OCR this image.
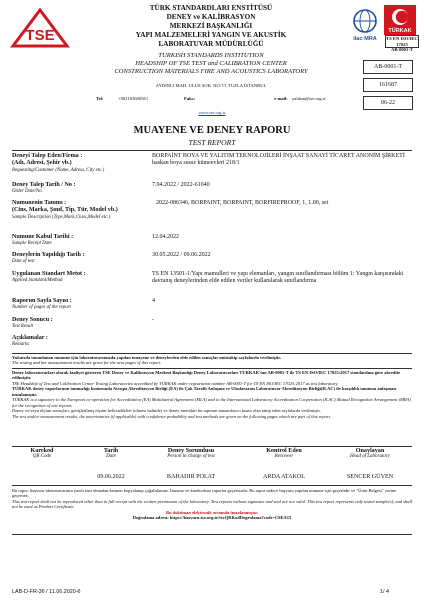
TSE
TÜRK STANDARDLARI ENSTİTÜSÜ
DENEY ve KALİBRASYON
MERKEZİ BAŞKANLIĞI
YAPI MALZEMELERİ YANGIN VE AKUSTİK
LABORATUVAR MÜDÜRLÜĞÜ
TURKISH STANDARDS INSTITUTION
HEADSHIP OF TSE TEST and CALIBRATION CENTER
CONSTRUCTION MATERIALS FIRE AND ACOUSTICS LABORATORY
AYDINLI MAH. ULUS SOK. NO:7/1 TUZLA İSTANBUL
Tel:	+902165600561	Faks:	e-mail: yalitim@tse.org.tr
www.tse.org.tr
ilac·MRA
TÜRKAK
TS EN ISO/IEC 17025
AB-0001-T
AB-0001-T
161687
06-22
MUAYENE VE DENEY RAPORU
TEST REPORT
Deneyi Talep Eden/Firma :
(Adı, Adresi, Şehir vb.)
Requesting/Customer (Name, Adress, City etc.)
BORPAİNT BOYA VE YALITIM TEKNOLOJİLERİ İNŞAAT SANAYİ TİCARET ANONİM ŞİRKETİ
haskan boya sussz kümeevleri 218/1
Deney Talep Tarih / No :
Order Date/No.
7.04.2022 / 2022-61040
Numunenin Tanımı :
(Cins, Marka, Şınıf, Tip, Tür, Model vb.)
Sample Description (Type,Mark,Class,Model etc.)
2022-086346, BORPAINT, BORPAINT, BORFIREPROOF, 1, 1.00, set
Numune Kabul Tarihi :
Sample Recept Date
12.04.2022
Deneylerin Yapıldığı Tarih :
Date of test
30.05.2022 / 09.06.2022
Uygulanan Standart Metot :
Applied Standard/Method
TS EN 13501-1/Yapı mamulleri ve yapı elemanları, yangın sınıflandırması bölüm 1: Yangın karşısındaki davranış deneylerinden elde edilen veriler kullanılarak sınıflandırma
Raporun Sayfa Sayısı :
Number of pages of the report
4
Deney Sonucu :
Test Result
-
Açıklamalar :
Remarks
Yukarıda tanımlanan numune için laboratuvarımızda yapılan muayene ve deneylerden elde edilen sonuçlar müteakip sayfalarda verilmiştir.
The testing and her measurement results are given for the next pages of this report.
Deney laboratuvarları olarak faaliyet gösteren TSE Deney ve Kalibrasyon Merkezi Başkanlığı Deney Laboratuvarları TÜRKAK'tan AB-0001-T ile TS EN ISO/IEC 17025:2017 standardına göre akredite edilmiştir.
TSE Headship of Test and Calibration Center Testing Laboratories accredited by TÜRKAK under registration number AB-0001-T for TS EN ISO/IEC 17025:2017 as test laboratory.
TÜRKAK deney raporlarının tanınırlığı konusunda Avrupa Akreditasyon Birliği (EA) ile Çok Taraflı Anlaşma ve Uluslararası Laboratuvar Akreditasyon Birliği(ILAC) ile karşılıklı tanınma anlaşması imzalamıştır.
TÜRKAK is a signatory to the European co-operation for Accreditation (EA) Multilateral Agreement (MLA) and to the International Laboratory Accreditation Cooperation (ILAC) Mutual Recognition Arrangement (MRA) for the recognition of test reports.
Deney ve/veya ölçüm sonuçları, genişletilmiş ölçüm belirsizlikleri (olması halinde) ve deney metotları bu raporun tamamlayıcı kısmı olan takip eden sayfalarda verilmiştir.
The test and/or measurement results, the uncertainties (if applicable) with confidence probability and test methods are given on the following pages which are part of this report.
Karekod
QR Code
Tarih
Date
Deney Sorumlusu
Person in charge of test
Kontrol Eden
Reviewer
Onaylayan
Head of Laboratory
09.06.2022	BAHADIR POLAT	ARDA ATAKOL	SENCER GÜVEN
Bu rapor, başvuru laboratuvarının yazılı izni olmadan kısmen kopyalanıp çoğaltılamaz. İmzasız ve karekodsuz raporlar geçersizdir. Bu rapor sadece başvuru yapılan numune için geçerlidir ve "Ürün Belgesi" yerine geçemez.
This test report shall not be reproduced other than in full except with the written permission of the laboratory. Test reports without signature and seal are not valid. This test report represents only tested sample(s), and shall not be used as Product Certificate.
Bu doküman elektronik ortamda imzalanmıştır.
Doğrulama adresi: https://basvuru.tse.org.tr/tsvQRKodDogrulama?code=C6EA15
LAB-D-FR-36 / 11.06.2020-6	1/ 4
